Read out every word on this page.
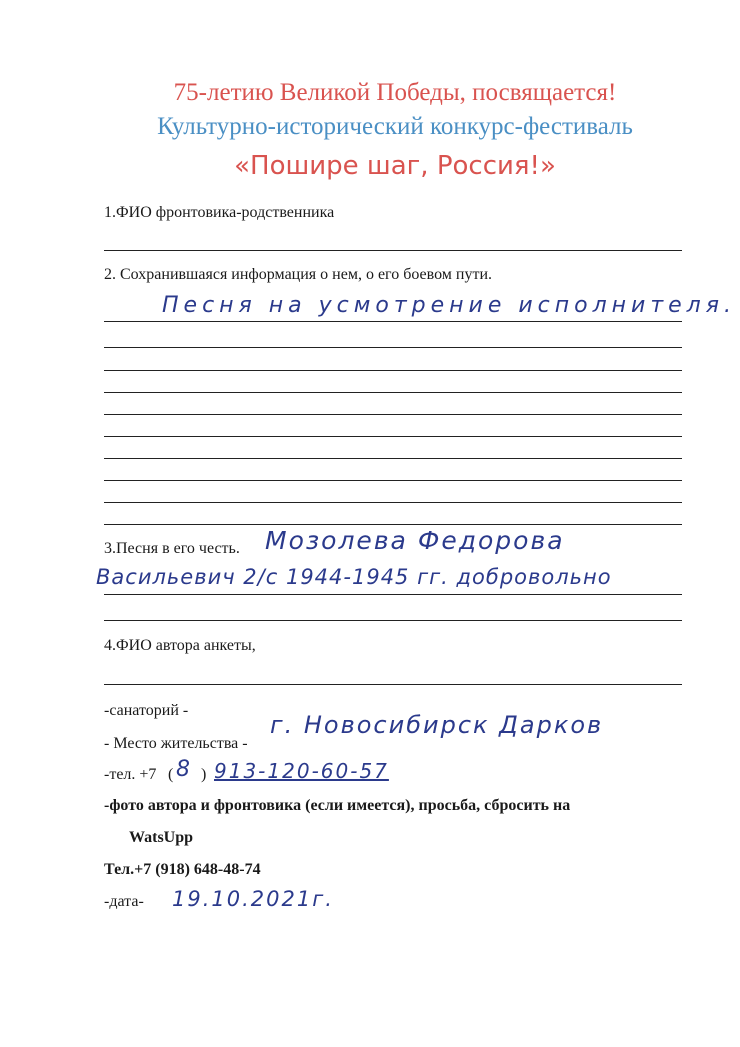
75-летию Великой Победы, посвящается!
Культурно-исторический конкурс-фестиваль
«Пошире шаг, Россия!»
1.ФИО фронтовика-родственника
2. Сохранившаяся информация о нем, о его боевом пути.
Песня на усмотрение исполнителя.
3.Песня в его честь. Мозолева Федорова
Васильевич 2/с 1944-1945 гг. добровольно
4.ФИО автора анкеты,
-санаторий -
- Место жительства -
г. Новосибирск Дарков
-тел. +7 ( 8 ) 913-120-60-57
-фото автора и фронтовика (если имеется), просьба, сбросить на
WatsUpp
Тел.+7 (918) 648-48-74
-дата- 19.10.2021г.
